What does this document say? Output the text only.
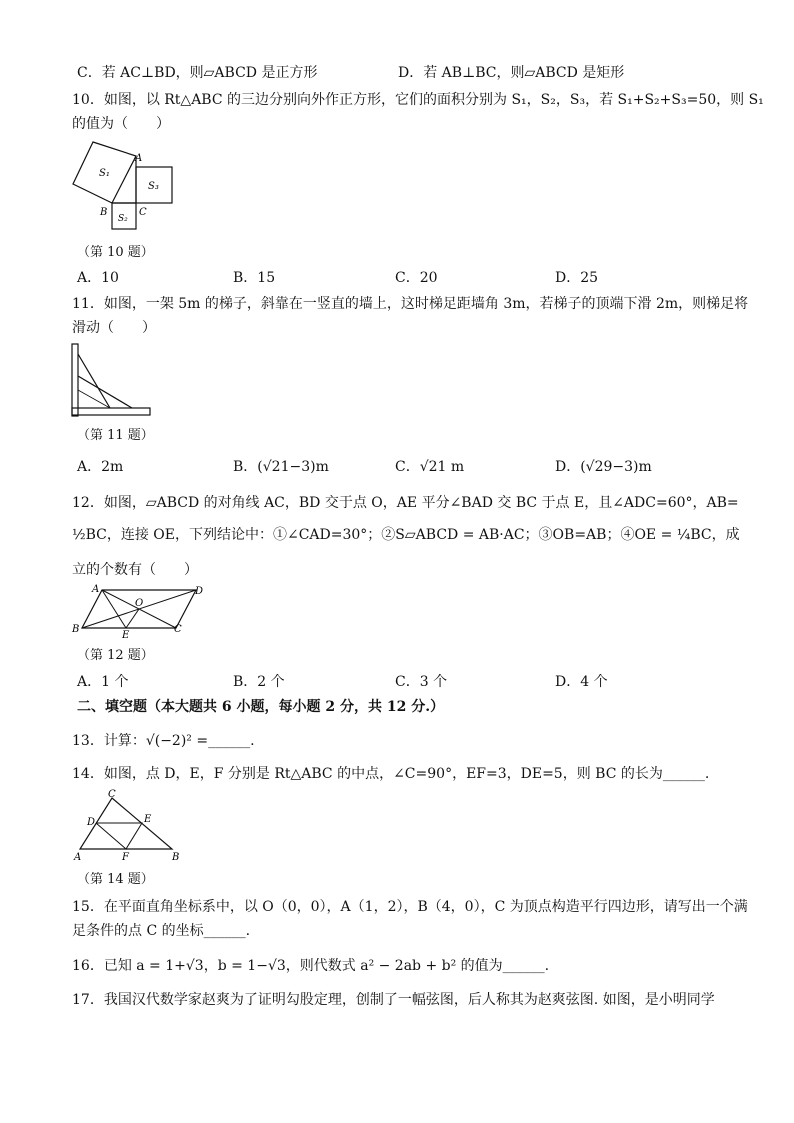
C．若 AC⊥BD，则▱ABCD 是正方形	D．若 AB⊥BC，则▱ABCD 是矩形
10．如图，以 Rt△ABC 的三边分别向外作正方形，它们的面积分别为 S₁，S₂，S₃，若 S₁+S₂+S₃=50，则 S₁
的值为（　　）
A
B	C
S₁
S₂
S₃
（第 10 题）
A．10	B．15	C．20	D．25
11．如图，一架 5m 的梯子，斜靠在一竖直的墙上，这时梯足距墙角 3m，若梯子的顶端下滑 2m，则梯足将
滑动（　　）
（第 11 题）
A．2m	B．(√21−3)m	C．√21 m	D．(√29−3)m
12．如图，▱ABCD 的对角线 AC，BD 交于点 O，AE 平分∠BAD 交 BC 于点 E，且∠ADC=60°，AB=
½BC，连接 OE，下列结论中：①∠CAD=30°；②S▱ABCD = AB·AC；③OB=AB；④OE = ¼BC，成
立的个数有（　　）
A	D
B	C
E
O
（第 12 题）
A．1 个	B．2 个	C．3 个	D．4 个
二、填空题（本大题共 6 小题，每小题 2 分，共 12 分.）
13．计算：√(−2)² =______.
14．如图，点 D，E，F 分别是 Rt△ABC 的中点，∠C=90°，EF=3，DE=5，则 BC 的长为______.
C
D	E
A	F	B
（第 14 题）
15．在平面直角坐标系中，以 O（0，0），A（1，2），B（4，0），C 为顶点构造平行四边形，请写出一个满
足条件的点 C 的坐标______.
16．已知 a = 1+√3，b = 1−√3，则代数式 a² − 2ab + b² 的值为______.
17．我国汉代数学家赵爽为了证明勾股定理，创制了一幅弦图，后人称其为赵爽弦图. 如图，是小明同学
